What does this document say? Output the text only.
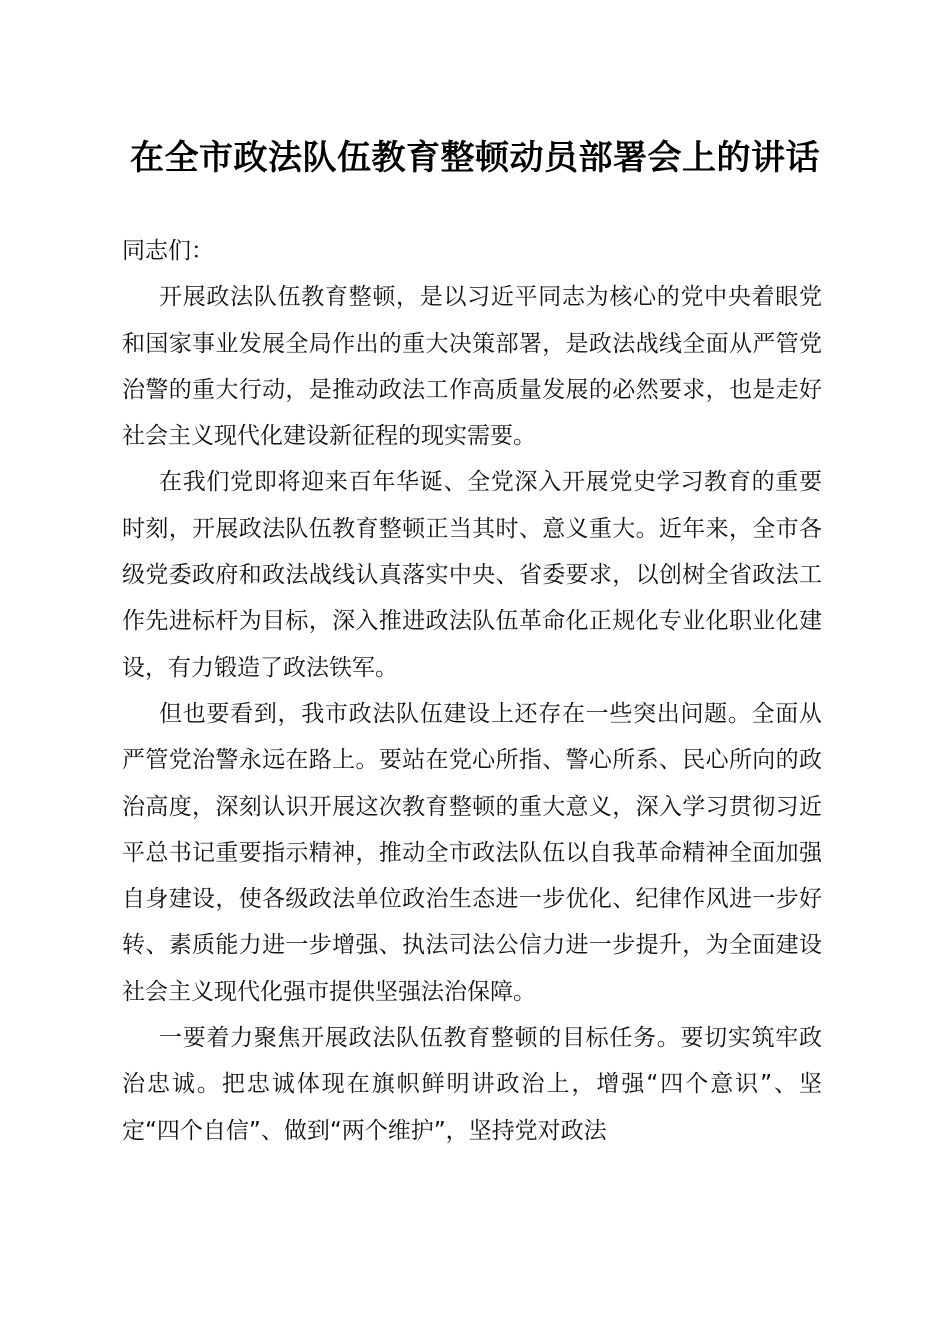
在全市政法队伍教育整顿动员部署会上的讲话

同志们：

开展政法队伍教育整顿，是以习近平同志为核心的党中央着眼党和国家事业发展全局作出的重大决策部署，是政法战线全面从严管党治警的重大行动，是推动政法工作高质量发展的必然要求，也是走好社会主义现代化建设新征程的现实需要。

在我们党即将迎来百年华诞、全党深入开展党史学习教育的重要时刻，开展政法队伍教育整顿正当其时、意义重大。近年来，全市各级党委政府和政法战线认真落实中央、省委要求，以创树全省政法工作先进标杆为目标，深入推进政法队伍革命化正规化专业化职业化建设，有力锻造了政法铁军。

但也要看到，我市政法队伍建设上还存在一些突出问题。全面从严管党治警永远在路上。要站在党心所指、警心所系、民心所向的政治高度，深刻认识开展这次教育整顿的重大意义，深入学习贯彻习近平总书记重要指示精神，推动全市政法队伍以自我革命精神全面加强自身建设，使各级政法单位政治生态进一步优化、纪律作风进一步好转、素质能力进一步增强、执法司法公信力进一步提升，为全面建设社会主义现代化强市提供坚强法治保障。

一要着力聚焦开展政法队伍教育整顿的目标任务。要切实筑牢政治忠诚。把忠诚体现在旗帜鲜明讲政治上，增强“四个意识”、坚定“四个自信”、做到“两个维护”，坚持党对政法
